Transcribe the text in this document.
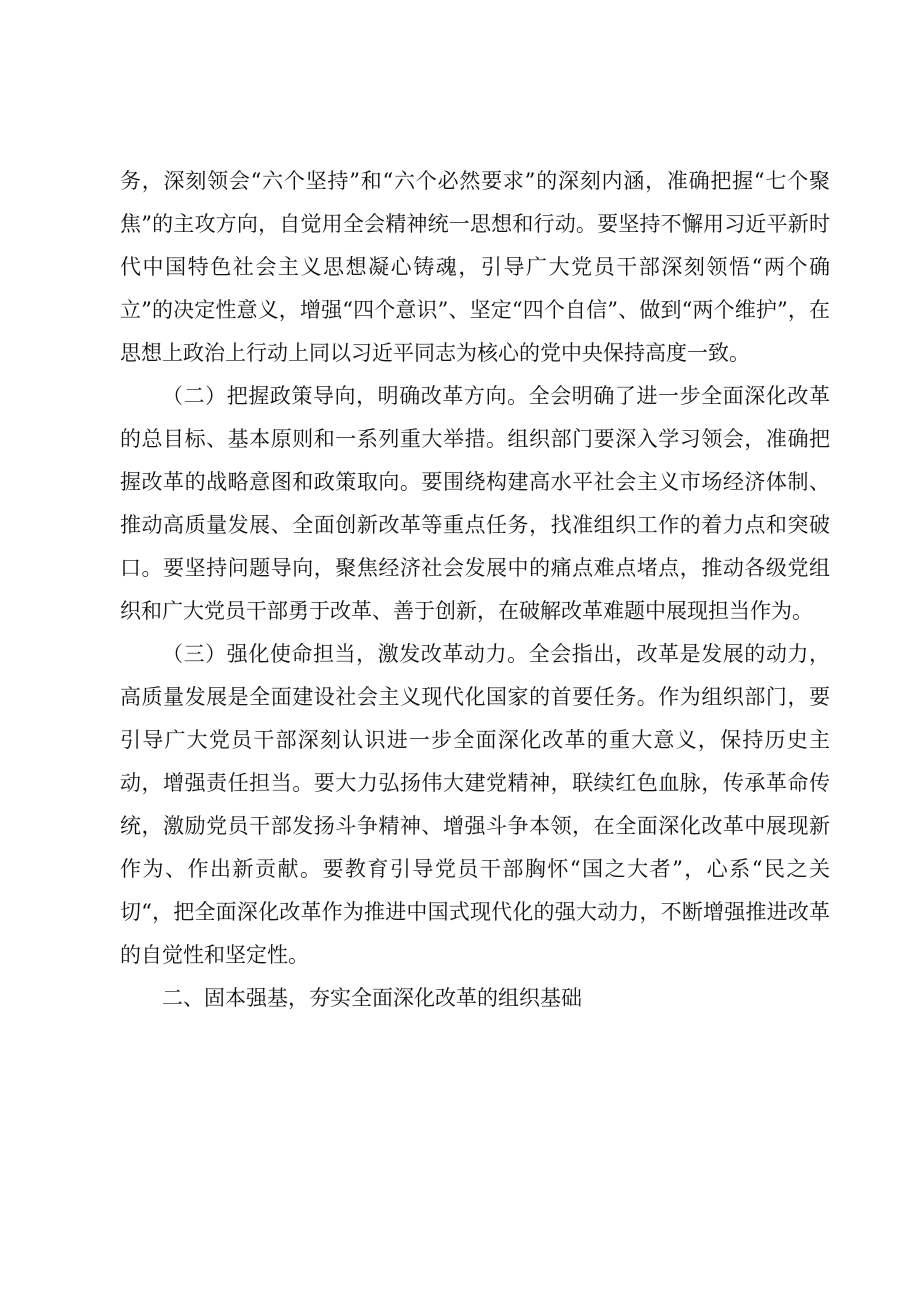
务，深刻领会“六个坚持”和“六个必然要求”的深刻内涵，准确把握“七个聚焦”的主攻方向，自觉用全会精神统一思想和行动。要坚持不懈用习近平新时代中国特色社会主义思想凝心铸魂，引导广大党员干部深刻领悟“两个确立”的决定性意义，增强“四个意识”、坚定“四个自信”、做到“两个维护”，在思想上政治上行动上同以习近平同志为核心的党中央保持高度一致。

（二）把握政策导向，明确改革方向。全会明确了进一步全面深化改革的总目标、基本原则和一系列重大举措。组织部门要深入学习领会，准确把握改革的战略意图和政策取向。要围绕构建高水平社会主义市场经济体制、推动高质量发展、全面创新改革等重点任务，找准组织工作的着力点和突破口。要坚持问题导向，聚焦经济社会发展中的痛点难点堵点，推动各级党组织和广大党员干部勇于改革、善于创新，在破解改革难题中展现担当作为。

（三）强化使命担当，激发改革动力。全会指出，改革是发展的动力，高质量发展是全面建设社会主义现代化国家的首要任务。作为组织部门，要引导广大党员干部深刻认识进一步全面深化改革的重大意义，保持历史主动，增强责任担当。要大力弘扬伟大建党精神，联续红色血脉，传承革命传统，激励党员干部发扬斗争精神、增强斗争本领，在全面深化改革中展现新作为、作出新贡献。要教育引导党员干部胸怀“国之大者”，心系“民之关切“，把全面深化改革作为推进中国式现代化的强大动力，不断增强推进改革的自觉性和坚定性。

二、固本强基，夯实全面深化改革的组织基础
